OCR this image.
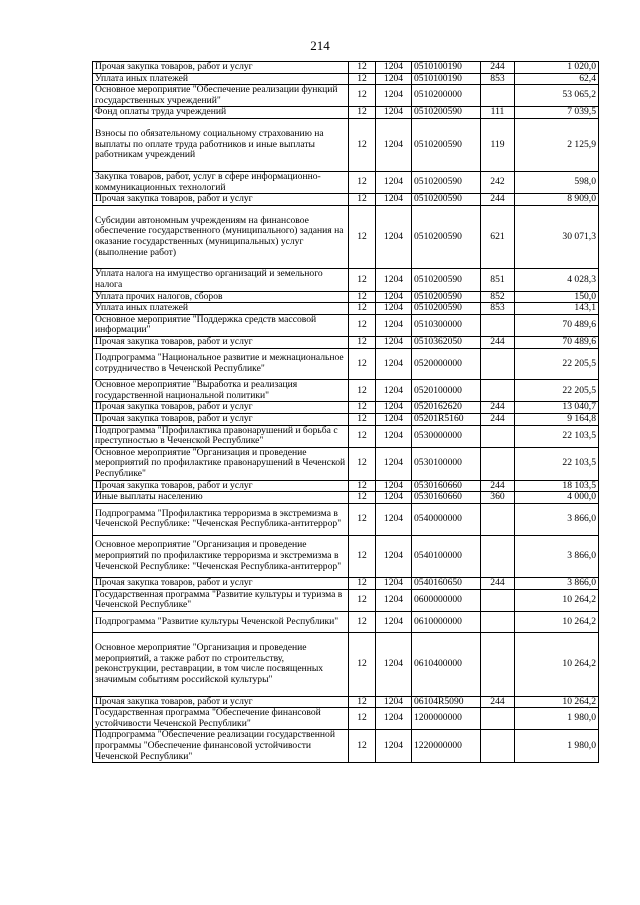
214
Прочая закупка товаров, работ и услуг	12	1204	0510100190	244	1 020,0
Уплата иных платежей	12	1204	0510100190	853	62,4
Основное мероприятие "Обеспечение реализации функций государственных учреждений"	12	1204	0510200000		53 065,2
Фонд оплаты труда учреждений	12	1204	0510200590	111	7 039,5
Взносы по обязательному социальному страхованию на выплаты по оплате труда работников и иные выплаты работникам учреждений	12	1204	0510200590	119	2 125,9
Закупка товаров, работ, услуг в сфере информационно-коммуникационных технологий	12	1204	0510200590	242	598,0
Прочая закупка товаров, работ и услуг	12	1204	0510200590	244	8 909,0
Субсидии автономным учреждениям на финансовое обеспечение государственного (муниципального) задания на оказание государственных (муниципальных) услуг (выполнение работ)	12	1204	0510200590	621	30 071,3
Уплата налога на имущество организаций и земельного налога	12	1204	0510200590	851	4 028,3
Уплата прочих налогов, сборов	12	1204	0510200590	852	150,0
Уплата иных платежей	12	1204	0510200590	853	143,1
Основное мероприятие "Поддержка средств массовой информации"	12	1204	0510300000		70 489,6
Прочая закупка товаров, работ и услуг	12	1204	0510362050	244	70 489,6
Подпрограмма "Национальное развитие и межнациональное сотрудничество в Чеченской Республике"	12	1204	0520000000		22 205,5
Основное мероприятие "Выработка и реализация государственной национальной политики"	12	1204	0520100000		22 205,5
Прочая закупка товаров, работ и услуг	12	1204	0520162620	244	13 040,7
Прочая закупка товаров, работ и услуг	12	1204	05201R5160	244	9 164,8
Подпрограмма "Профилактика правонарушений и борьба с преступностью в Чеченской Республике"	12	1204	0530000000		22 103,5
Основное мероприятие "Организация и проведение мероприятий по профилактике правонарушений в Чеченской Республике"	12	1204	0530100000		22 103,5
Прочая закупка товаров, работ и услуг	12	1204	0530160660	244	18 103,5
Иные выплаты населению	12	1204	0530160660	360	4 000,0
Подпрограмма "Профилактика терроризма в экстремизма в Чеченской Республике: "Чеченская Республика-антитеррор"	12	1204	0540000000		3 866,0
Основное мероприятие "Организация и проведение мероприятий по профилактике терроризма и экстремизма в Чеченской Республике: "Чеченская Республика-антитеррор"	12	1204	0540100000		3 866,0
Прочая закупка товаров, работ и услуг	12	1204	0540160650	244	3 866,0
Государственная программа "Развитие культуры и туризма в Чеченской Республике"	12	1204	0600000000		10 264,2
Подпрограмма "Развитие культуры Чеченской Республики"	12	1204	0610000000		10 264,2
Основное мероприятие "Организация и проведение мероприятий, а также работ по строительству, реконструкции, реставрации, в том числе посвященных значимым событиям российской культуры"	12	1204	0610400000		10 264,2
Прочая закупка товаров, работ и услуг	12	1204	06104R5090	244	10 264,2
Государственная программа "Обеспечение финансовой устойчивости Чеченской Республики"	12	1204	1200000000		1 980,0
Подпрограмма "Обеспечение реализации государственной программы "Обеспечение финансовой устойчивости Чеченской Республики"	12	1204	1220000000		1 980,0
